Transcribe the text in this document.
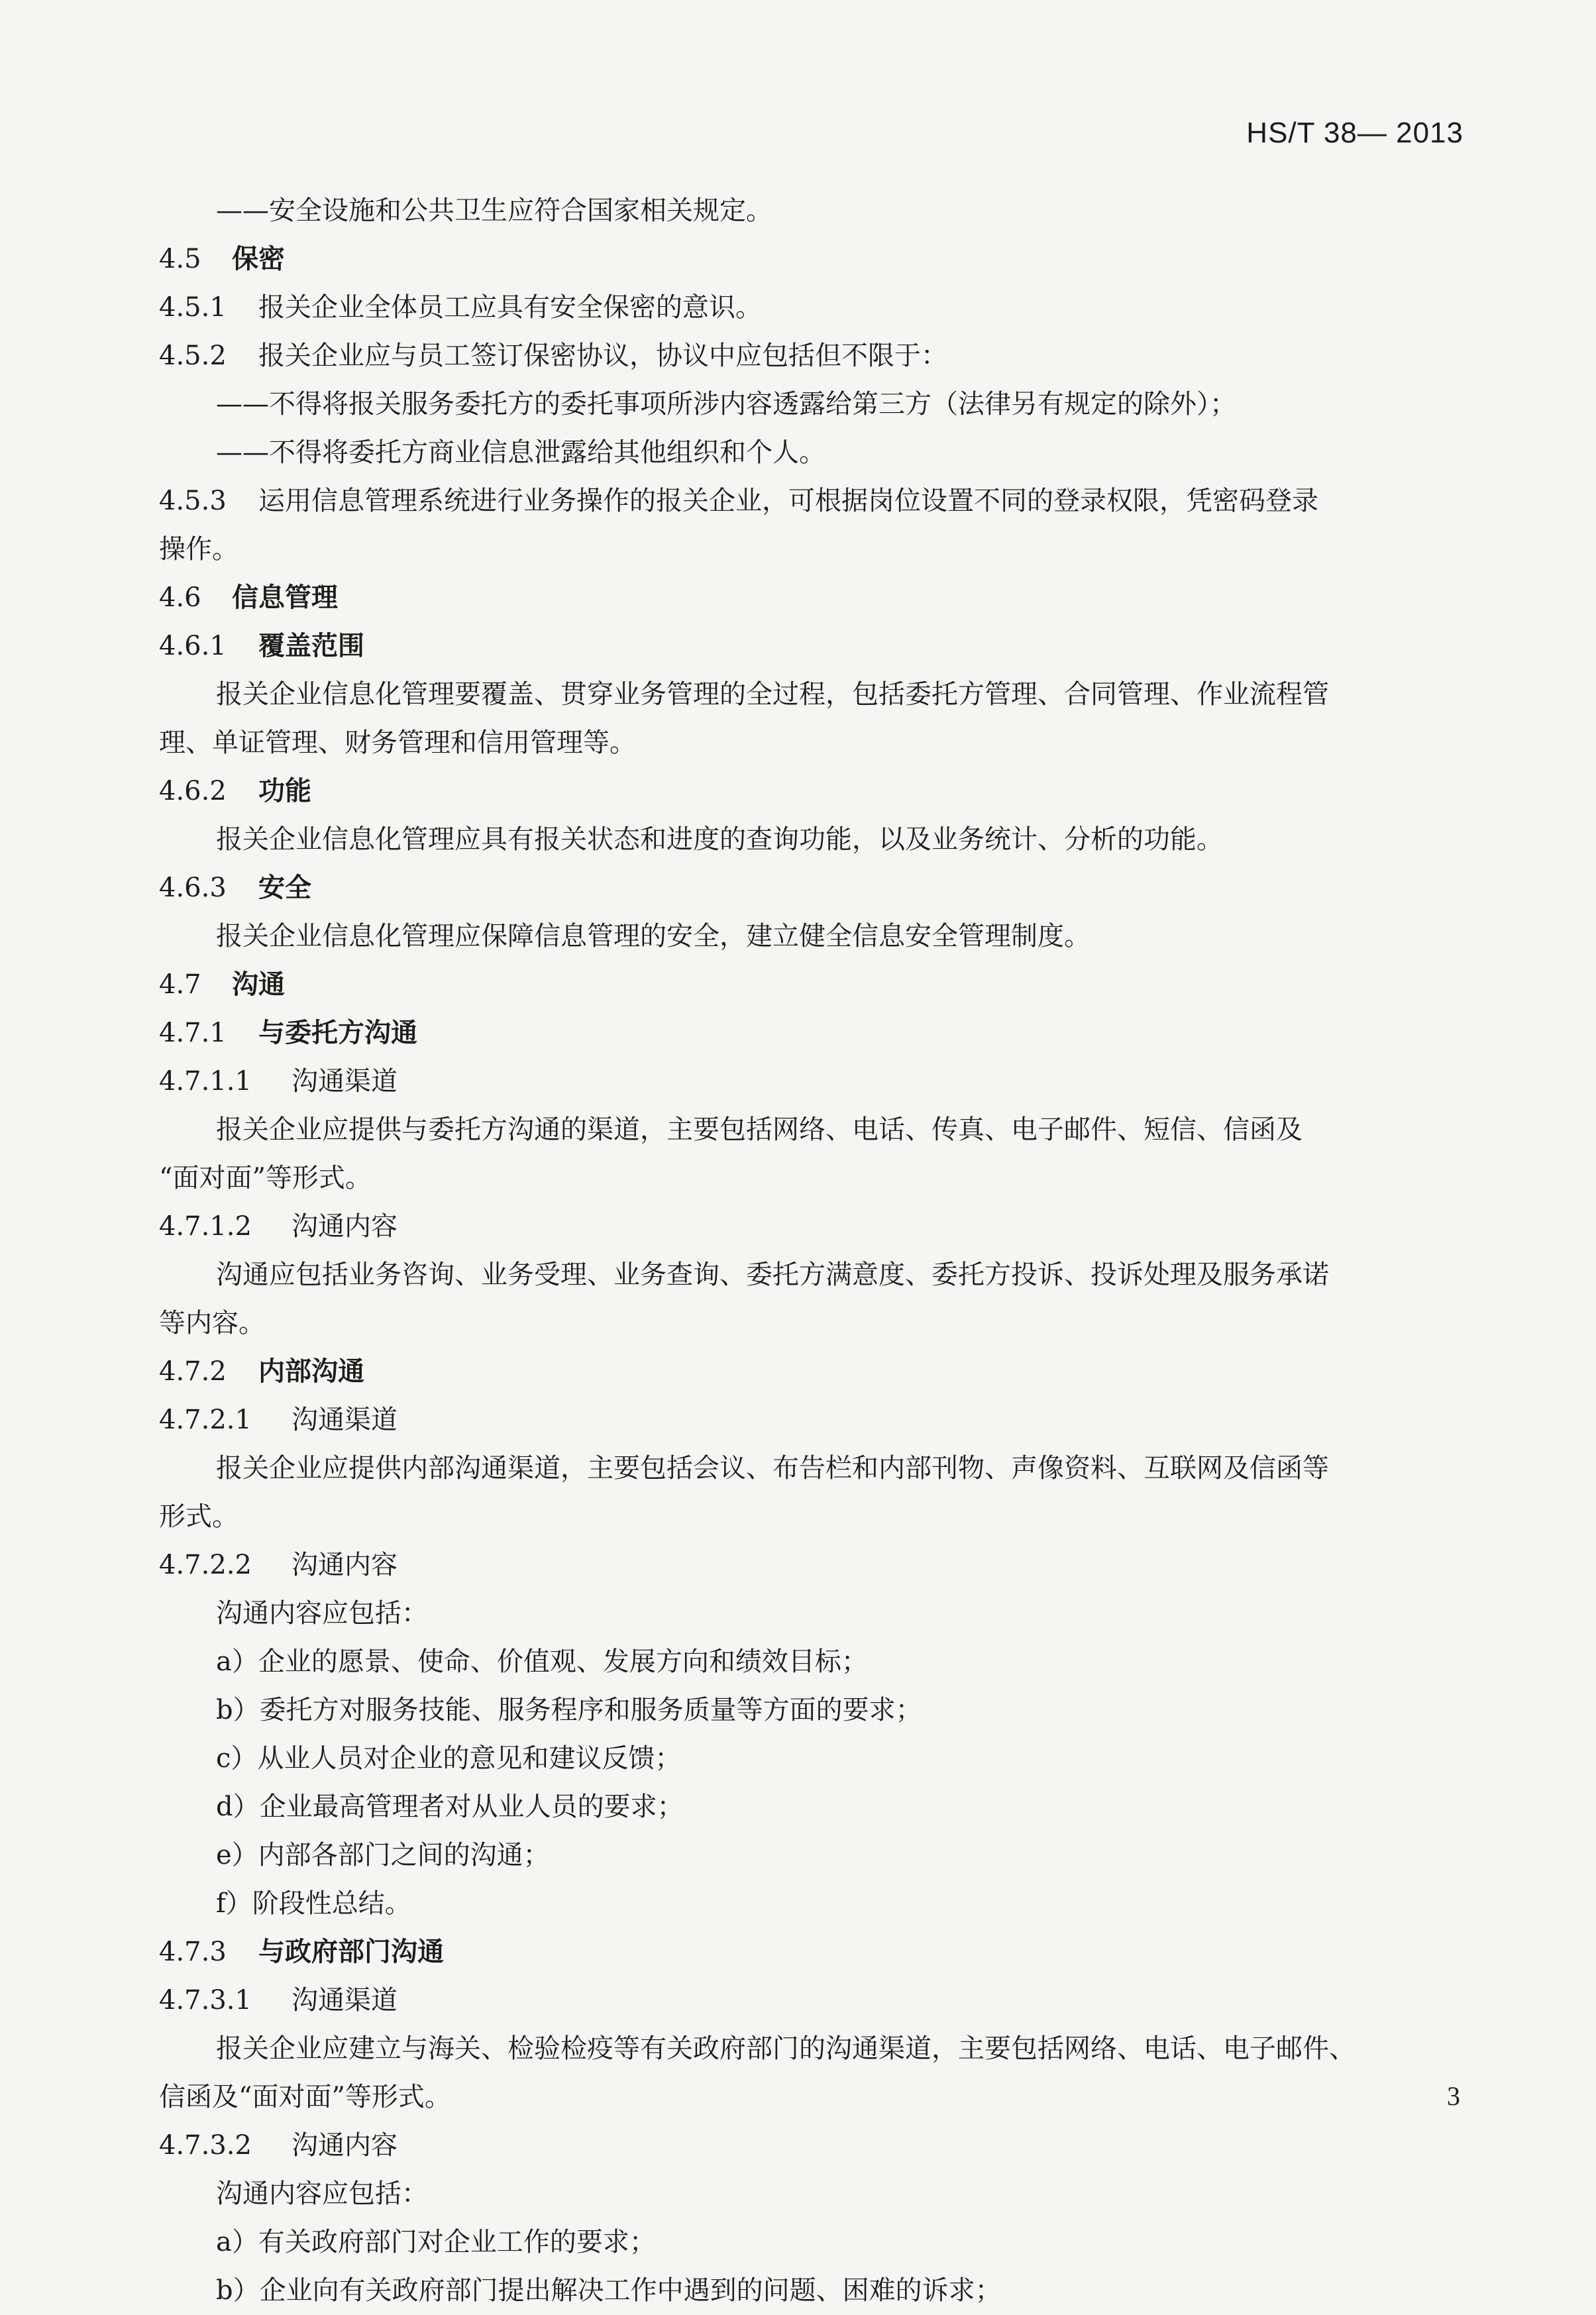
HS/T 38— 2013
——安全设施和公共卫生应符合国家相关规定。
4.5 保密
4.5.1 报关企业全体员工应具有安全保密的意识。
4.5.2 报关企业应与员工签订保密协议，协议中应包括但不限于：
——不得将报关服务委托方的委托事项所涉内容透露给第三方（法律另有规定的除外）；
——不得将委托方商业信息泄露给其他组织和个人。
4.5.3 运用信息管理系统进行业务操作的报关企业，可根据岗位设置不同的登录权限，凭密码登录
操作。
4.6 信息管理
4.6.1 覆盖范围
报关企业信息化管理要覆盖、贯穿业务管理的全过程，包括委托方管理、合同管理、作业流程管
理、单证管理、财务管理和信用管理等。
4.6.2 功能
报关企业信息化管理应具有报关状态和进度的查询功能，以及业务统计、分析的功能。
4.6.3 安全
报关企业信息化管理应保障信息管理的安全，建立健全信息安全管理制度。
4.7 沟通
4.7.1 与委托方沟通
4.7.1.1 沟通渠道
报关企业应提供与委托方沟通的渠道，主要包括网络、电话、传真、电子邮件、短信、信函及
“面对面”等形式。
4.7.1.2 沟通内容
沟通应包括业务咨询、业务受理、业务查询、委托方满意度、委托方投诉、投诉处理及服务承诺
等内容。
4.7.2 内部沟通
4.7.2.1 沟通渠道
报关企业应提供内部沟通渠道，主要包括会议、布告栏和内部刊物、声像资料、互联网及信函等
形式。
4.7.2.2 沟通内容
沟通内容应包括：
a）企业的愿景、使命、价值观、发展方向和绩效目标；
b）委托方对服务技能、服务程序和服务质量等方面的要求；
c）从业人员对企业的意见和建议反馈；
d）企业最高管理者对从业人员的要求；
e）内部各部门之间的沟通；
f）阶段性总结。
4.7.3 与政府部门沟通
4.7.3.1 沟通渠道
报关企业应建立与海关、检验检疫等有关政府部门的沟通渠道，主要包括网络、电话、电子邮件、
信函及“面对面”等形式。
4.7.3.2 沟通内容
沟通内容应包括：
a）有关政府部门对企业工作的要求；
b）企业向有关政府部门提出解决工作中遇到的问题、困难的诉求；
3
